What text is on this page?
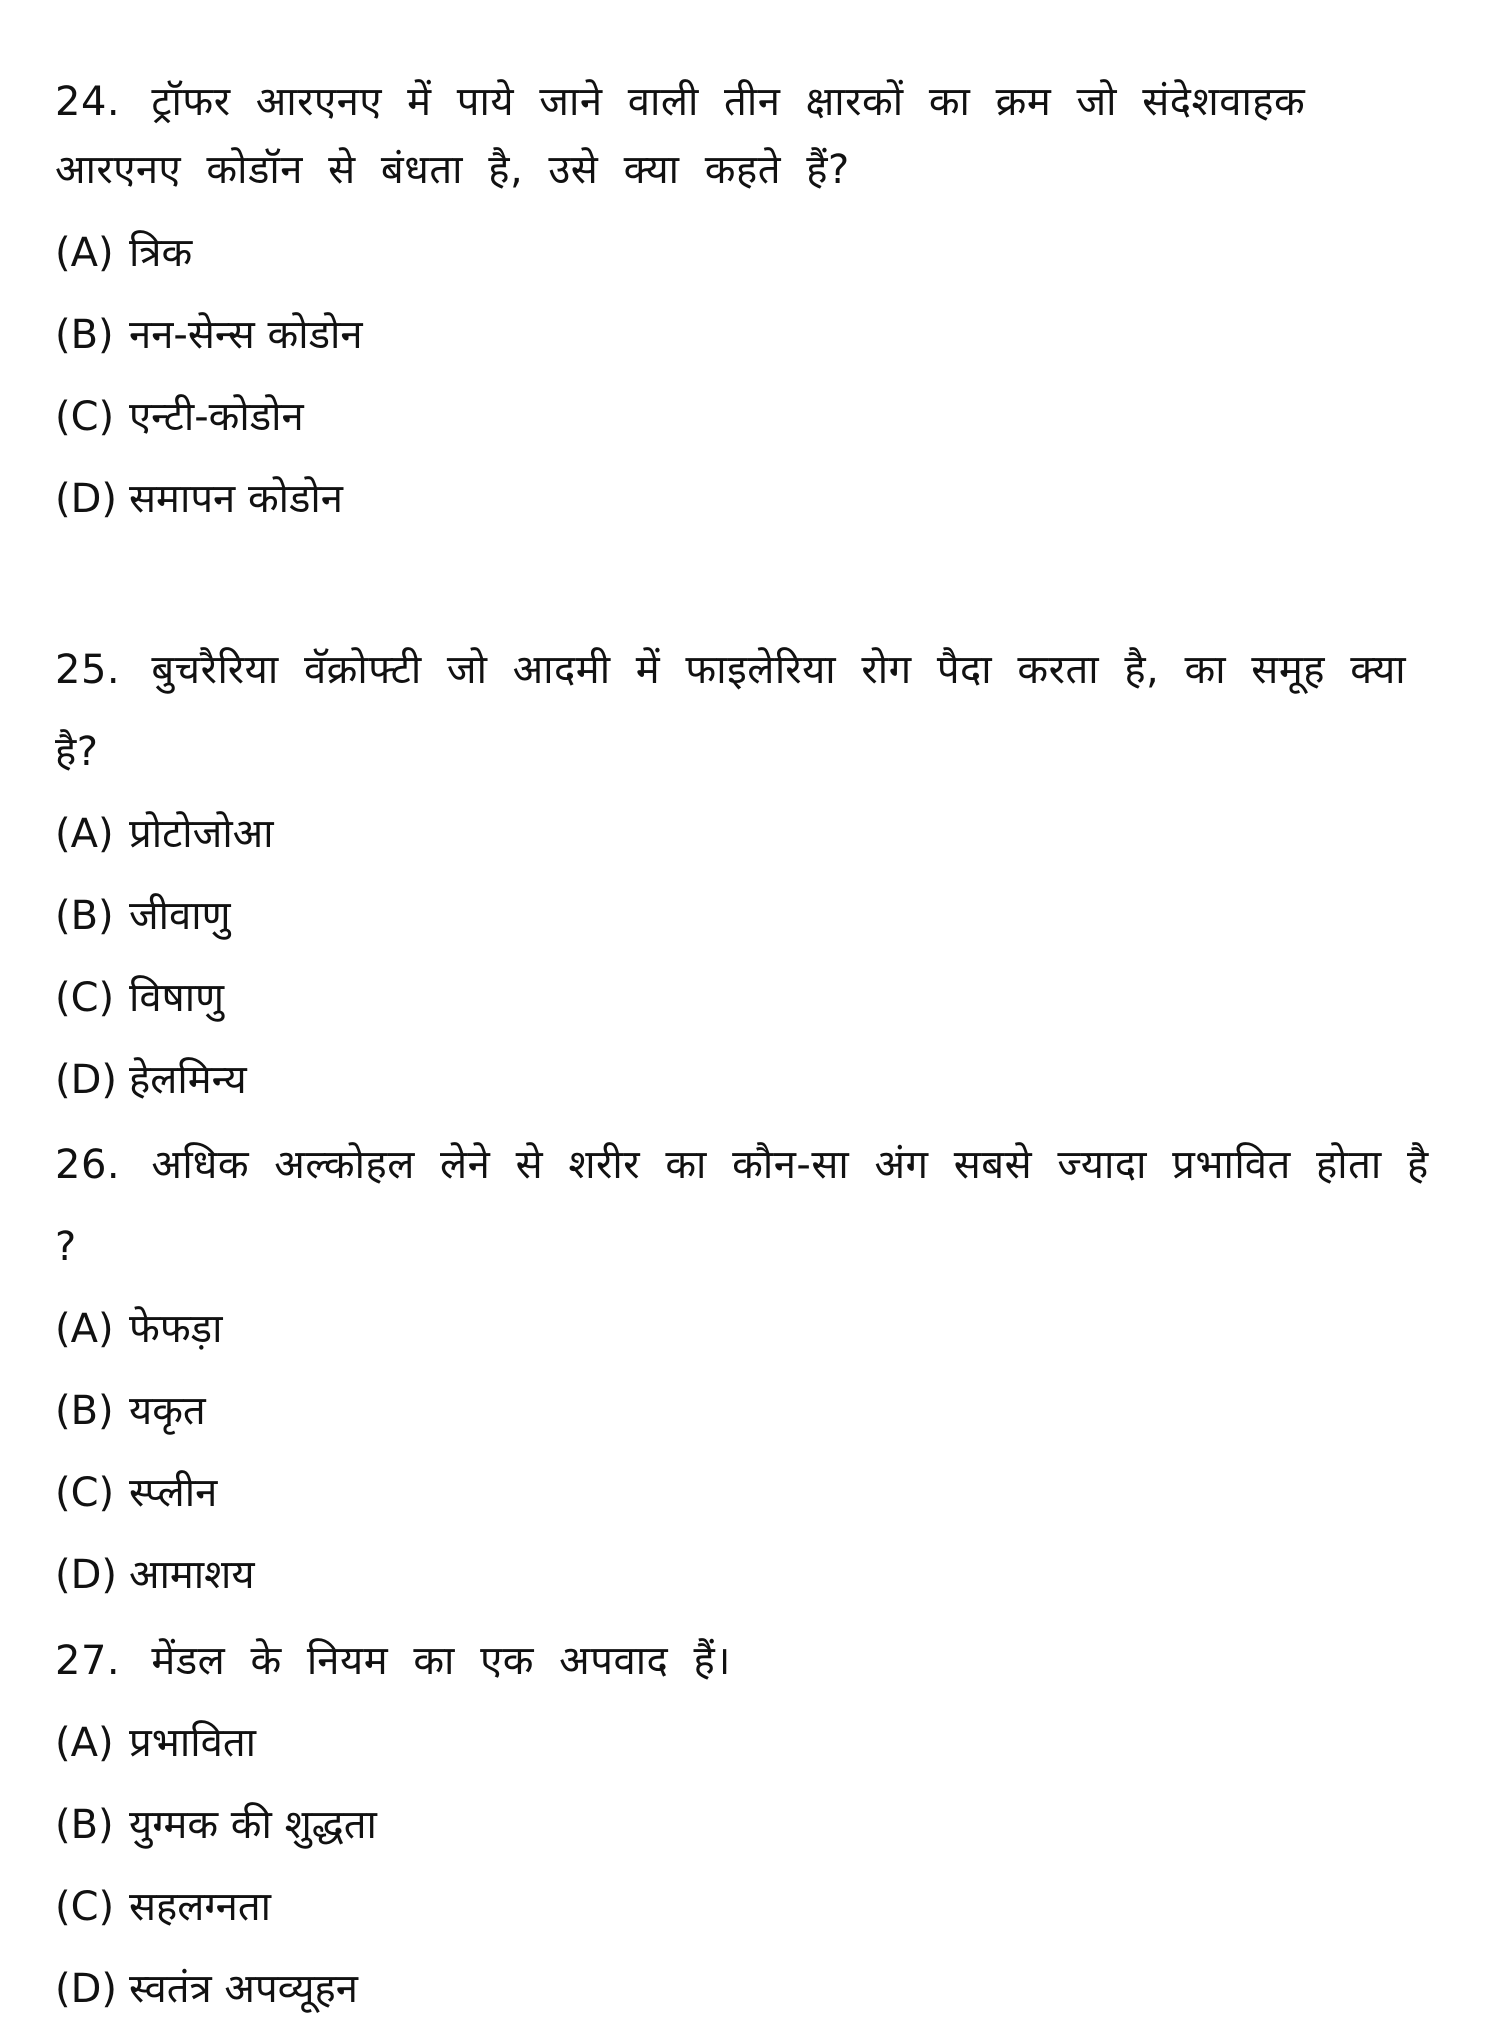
24. ट्रॉफर आरएनए में पाये जाने वाली तीन क्षारकों का क्रम जो संदेशवाहक आरएनए कोडॉन से बंधता है, उसे क्या कहते हैं?

(A) त्रिक
(B) नन-सेन्स कोडोन
(C) एन्टी-कोडोन
(D) समापन कोडोन

25. बुचरैरिया वॅक्रोफ्टी जो आदमी में फाइलेरिया रोग पैदा करता है, का समूह क्या है?

(A) प्रोटोजोआ
(B) जीवाणु
(C) विषाणु
(D) हेलमिन्य

26. अधिक अल्कोहल लेने से शरीर का कौन-सा अंग सबसे ज्यादा प्रभावित होता है ?

(A) फेफड़ा
(B) यकृत
(C) स्प्लीन
(D) आमाशय

27. मेंडल के नियम का एक अपवाद हैं।

(A) प्रभाविता
(B) युग्मक की शुद्धता
(C) सहलग्नता
(D) स्वतंत्र अपव्यूहन
